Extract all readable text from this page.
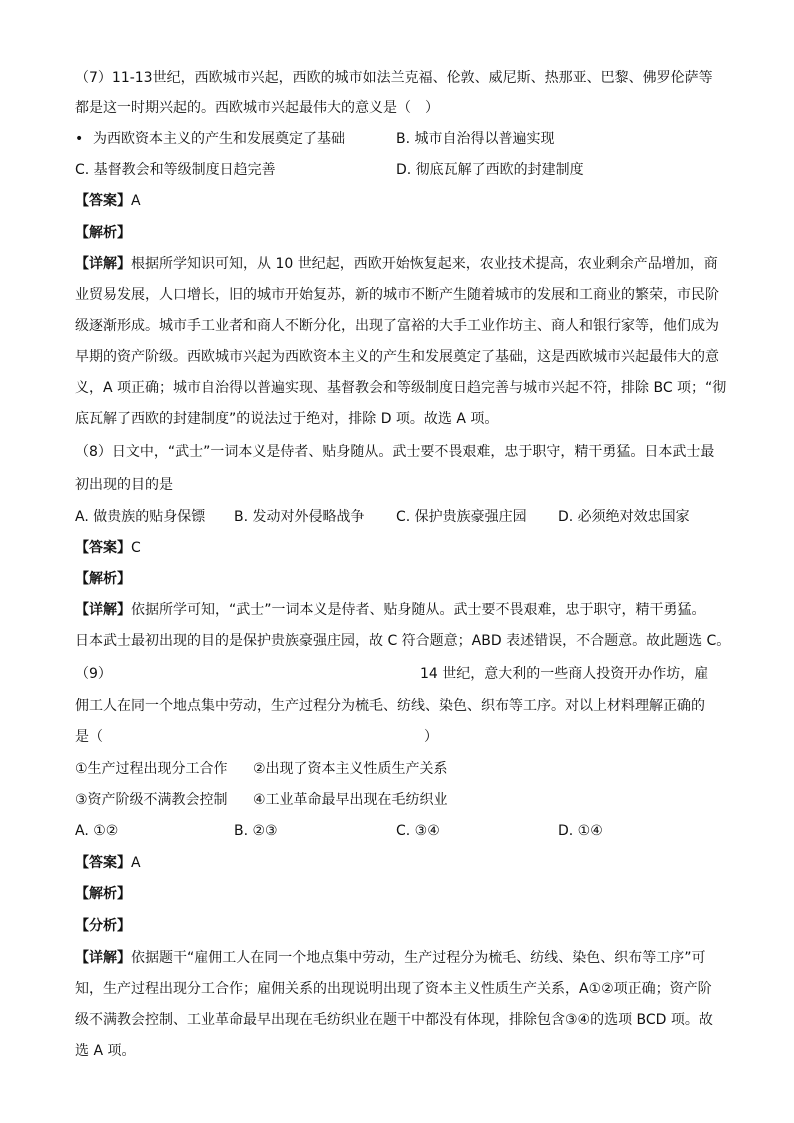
（7）11-13世纪，西欧城市兴起，西欧的城市如法兰克福、伦敦、威尼斯、热那亚、巴黎、佛罗伦萨等
都是这一时期兴起的。西欧城市兴起最伟大的意义是（　）
• 为西欧资本主义的产生和发展奠定了基础	B. 城市自治得以普遍实现
C. 基督教会和等级制度日趋完善	D. 彻底瓦解了西欧的封建制度
【答案】A
【解析】
【详解】根据所学知识可知，从 10 世纪起，西欧开始恢复起来，农业技术提高，农业剩余产品增加，商
业贸易发展，人口增长，旧的城市开始复苏，新的城市不断产生随着城市的发展和工商业的繁荣，市民阶
级逐渐形成。城市手工业者和商人不断分化，出现了富裕的大手工业作坊主、商人和银行家等，他们成为
早期的资产阶级。西欧城市兴起为西欧资本主义的产生和发展奠定了基础，这是西欧城市兴起最伟大的意
义，A 项正确；城市自治得以普遍实现、基督教会和等级制度日趋完善与城市兴起不符，排除 BC 项；“彻
底瓦解了西欧的封建制度”的说法过于绝对，排除 D 项。故选 A 项。
（8）日文中，“武士”一词本义是侍者、贴身随从。武士要不畏艰难，忠于职守，精干勇猛。日本武士最
初出现的目的是
A. 做贵族的贴身保镖 B. 发动对外侵略战争 C. 保护贵族豪强庄园 D. 必须绝对效忠国家
【答案】C
【解析】
【详解】依据所学可知，“武士”一词本义是侍者、贴身随从。武士要不畏艰难，忠于职守，精干勇猛。
日本武士最初出现的目的是保护贵族豪强庄园，故 C 符合题意；ABD 表述错误，不合题意。故此题选 C。
（9）	14 世纪，意大利的一些商人投资开办作坊，雇
佣工人在同一个地点集中劳动，生产过程分为梳毛、纺线、染色、织布等工序。对以上材料理解正确的
是（	）
①生产过程出现分工合作 ②出现了资本主义性质生产关系
③资产阶级不满教会控制 ④工业革命最早出现在毛纺织业
A. ①②	B. ②③	C. ③④	D. ①④
【答案】A
【解析】
【分析】
【详解】依据题干“雇佣工人在同一个地点集中劳动，生产过程分为梳毛、纺线、染色、织布等工序”可
知，生产过程出现分工合作；雇佣关系的出现说明出现了资本主义性质生产关系，A①②项正确；资产阶
级不满教会控制、工业革命最早出现在毛纺织业在题干中都没有体现，排除包含③④的选项 BCD 项。故
选 A 项。
